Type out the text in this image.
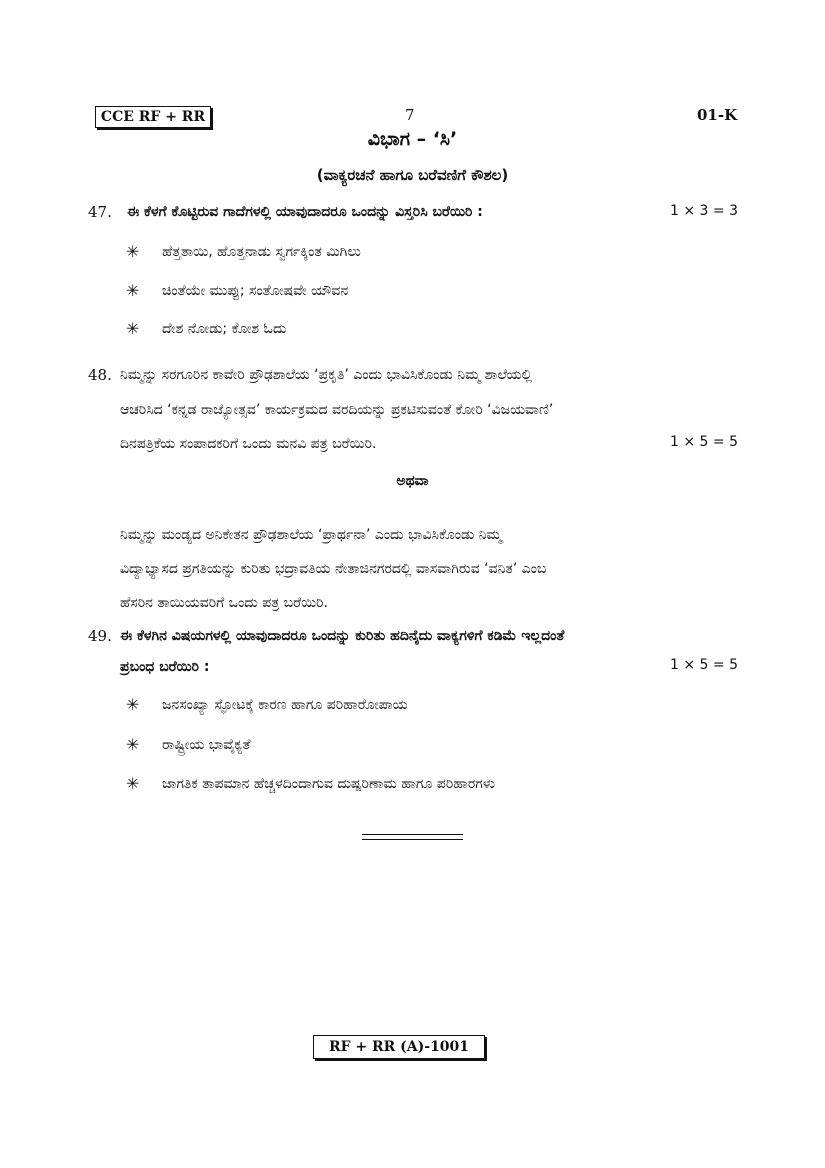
CCE RF + RR	7	01-K
ವಿಭಾಗ – ‘ಸಿ’
(ವಾಕ್ಯರಚನೆ ಹಾಗೂ ಬರೆವಣಿಗೆ ಕೌಶಲ)
47. ಈ ಕೆಳಗೆ ಕೊಟ್ಟಿರುವ ಗಾದೆಗಳಲ್ಲಿ ಯಾವುದಾದರೂ ಒಂದನ್ನು ವಿಸ್ತರಿಸಿ ಬರೆಯಿರಿ :	1 × 3 = 3
✳ ಹೆತ್ತತಾಯಿ, ಹೊತ್ತನಾಡು ಸ್ವರ್ಗಕ್ಕಿಂತ ಮಿಗಿಲು
✳ ಚಿಂತೆಯೇ ಮುಪ್ಪು; ಸಂತೋಷವೇ ಯೌವನ
✳ ದೇಶ ನೋಡು; ಕೋಶ ಓದು
48. ನಿಮ್ಮನ್ನು ಸರಗೂರಿನ ಕಾವೇರಿ ಪ್ರೌಢಶಾಲೆಯ ‘ಪ್ರಕೃತಿ’ ಎಂದು ಭಾವಿಸಿಕೊಂಡು ನಿಮ್ಮ ಶಾಲೆಯಲ್ಲಿ
ಆಚರಿಸಿದ ‘ಕನ್ನಡ ರಾಜ್ಯೋತ್ಸವ’ ಕಾರ್ಯಕ್ರಮದ ವರದಿಯನ್ನು ಪ್ರಕಟಿಸುವಂತೆ ಕೋರಿ ‘ವಿಜಯವಾಣಿ’
ದಿನಪತ್ರಿಕೆಯ ಸಂಪಾದಕರಿಗೆ ಒಂದು ಮನವಿ ಪತ್ರ ಬರೆಯಿರಿ.	1 × 5 = 5
ಅಥವಾ
ನಿಮ್ಮನ್ನು ಮಂಡ್ಯದ ಅನಿಕೇತನ ಪ್ರೌಢಶಾಲೆಯ ‘ಪ್ರಾರ್ಥನಾ’ ಎಂದು ಭಾವಿಸಿಕೊಂಡು ನಿಮ್ಮ
ವಿದ್ಯಾಭ್ಯಾಸದ ಪ್ರಗತಿಯನ್ನು ಕುರಿತು ಭದ್ರಾವತಿಯ ನೇತಾಜಿನಗರದಲ್ಲಿ ವಾಸವಾಗಿರುವ ‘ವನಿತ’ ಎಂಬ
ಹೆಸರಿನ ತಾಯಿಯವರಿಗೆ ಒಂದು ಪತ್ರ ಬರೆಯಿರಿ.
49. ಈ ಕೆಳಗಿನ ವಿಷಯಗಳಲ್ಲಿ ಯಾವುದಾದರೂ ಒಂದನ್ನು ಕುರಿತು ಹದಿನೈದು ವಾಕ್ಯಗಳಿಗೆ ಕಡಿಮೆ ಇಲ್ಲದಂತೆ
ಪ್ರಬಂಧ ಬರೆಯಿರಿ :	1 × 5 = 5
✳ ಜನಸಂಖ್ಯಾ ಸ್ಫೋಟಕ್ಕೆ ಕಾರಣ ಹಾಗೂ ಪರಿಹಾರೋಪಾಯ
✳ ರಾಷ್ಟ್ರೀಯ ಭಾವೈಕ್ಯತೆ
✳ ಜಾಗತಿಕ ತಾಪಮಾನ ಹೆಚ್ಚಳದಿಂದಾಗುವ ದುಷ್ಪರಿಣಾಮ ಹಾಗೂ ಪರಿಹಾರಗಳು
RF + RR (A)-1001
